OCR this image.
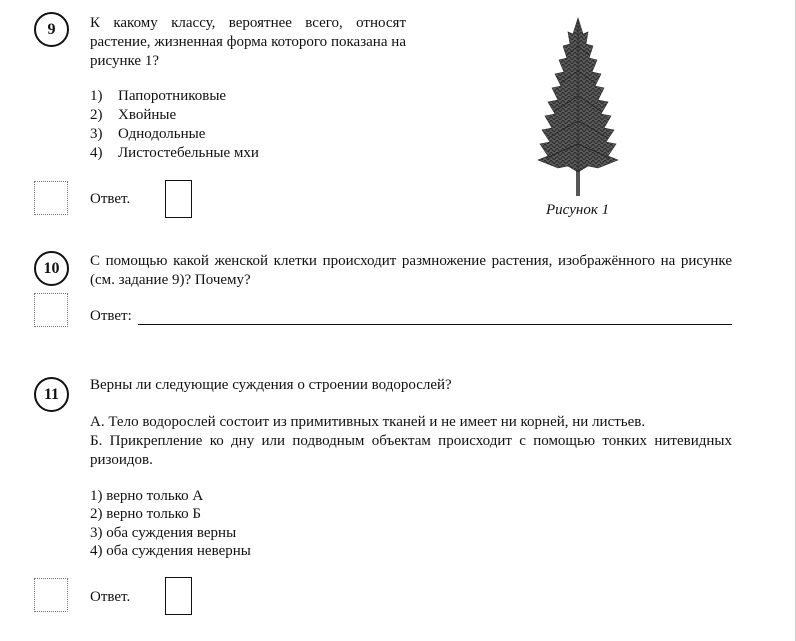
9	К какому классу, вероятнее всего, относят растение, жизненная форма которого показана на рисунке 1?
1) Папоротниковые
2) Хвойные
3) Однодольные
4) Листостебельные мхи
Ответ.
Рисунок 1
10	С помощью какой женской клетки происходит размножение растения, изображённого на рисунке (см. задание 9)? Почему?
Ответ:
11
Верны ли следующие суждения о строении водорослей?
А. Тело водорослей состоит из примитивных тканей и не имеет ни корней, ни листьев.
Б. Прикрепление ко дну или подводным объектам происходит с помощью тонких нитевидных ризоидов.
1) верно только А
2) верно только Б
3) оба суждения верны
4) оба суждения неверны
Ответ.
